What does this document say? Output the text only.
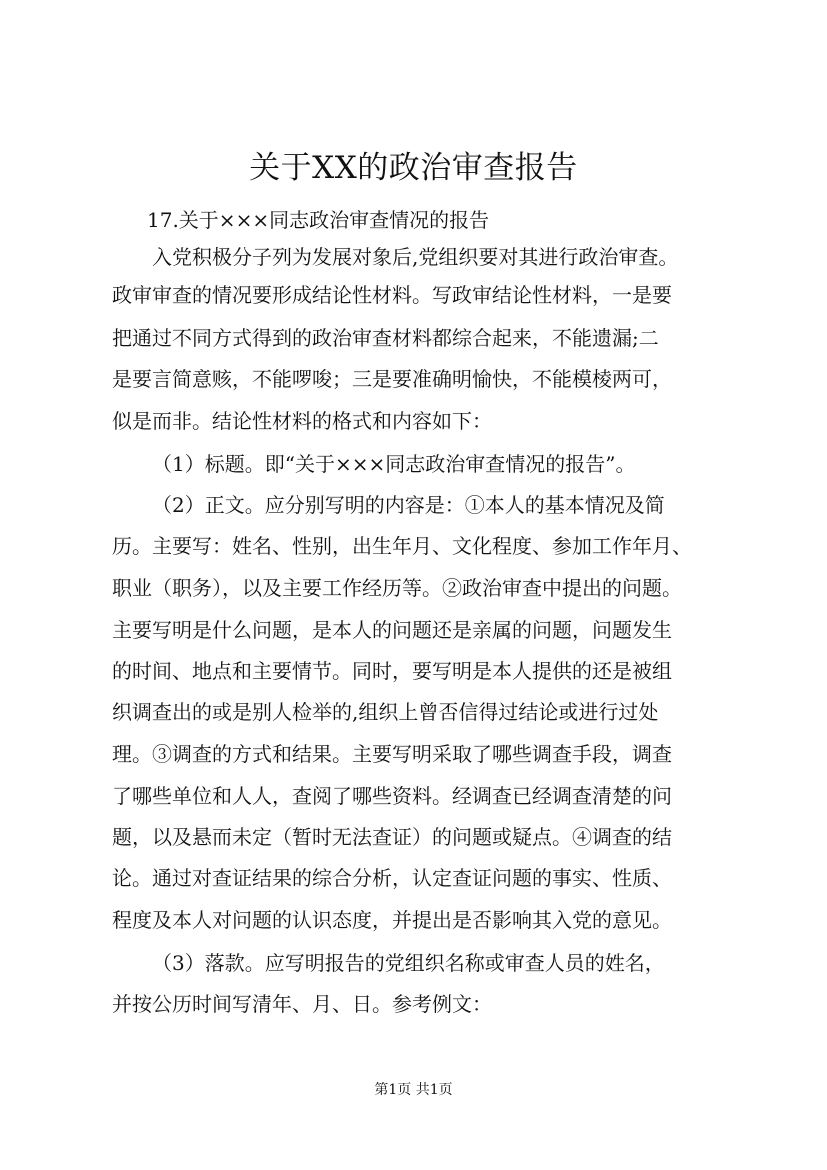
关于XX的政治审查报告

17.关于×××同志政治审查情况的报告

入党积极分子列为发展对象后,党组织要对其进行政治审查。

政审审查的情况要形成结论性材料。写政审结论性材料，一是要

把通过不同方式得到的政治审查材料都综合起来，不能遗漏;二

是要言简意赅，不能啰唆；三是要准确明愉快，不能模棱两可，

似是而非。结论性材料的格式和内容如下：

（1）标题。即“关于×××同志政治审查情况的报告”。

（2）正文。应分别写明的内容是：①本人的基本情况及简

历。主要写：姓名、性别，出生年月、文化程度、参加工作年月、

职业（职务），以及主要工作经历等。②政治审查中提出的问题。

主要写明是什么问题，是本人的问题还是亲属的问题，问题发生

的时间、地点和主要情节。同时，要写明是本人提供的还是被组

织调查出的或是别人检举的,组织上曾否信得过结论或进行过处

理。③调查的方式和结果。主要写明采取了哪些调查手段，调查

了哪些单位和人人，查阅了哪些资料。经调查已经调查清楚的问

题，以及悬而未定（暂时无法查证）的问题或疑点。④调查的结

论。通过对查证结果的综合分析，认定查证问题的事实、性质、

程度及本人对问题的认识态度，并提出是否影响其入党的意见。

（3）落款。应写明报告的党组织名称或审查人员的姓名，

并按公历时间写清年、月、日。参考例文：

第1页 共1页
